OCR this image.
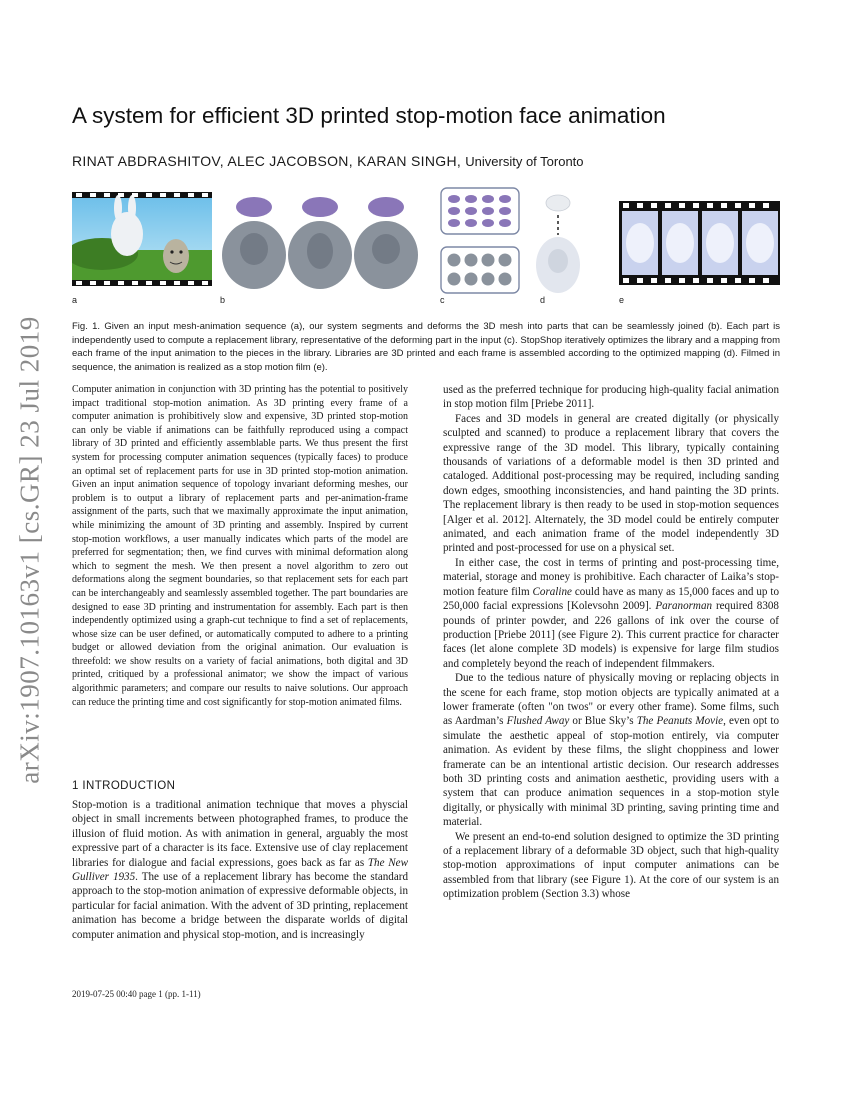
arXiv:1907.10163v1 [cs.GR] 23 Jul 2019
A system for efficient 3D printed stop-motion face animation
RINAT ABDRASHITOV, ALEC JACOBSON, KARAN SINGH, University of Toronto
a	b	c	d	e
Fig. 1. Given an input mesh-animation sequence (a), our system segments and deforms the 3D mesh into parts that can be seamlessly joined (b). Each part is independently used to compute a replacement library, representative of the deforming part in the input (c). StopShop iteratively optimizes the library and a mapping from each frame of the input animation to the pieces in the library. Libraries are 3D printed and each frame is assembled according to the optimized mapping (d). Filmed in sequence, the animation is realized as a stop motion film (e).

Computer animation in conjunction with 3D printing has the potential to positively impact traditional stop-motion animation. As 3D printing every frame of a computer animation is prohibitively slow and expensive, 3D printed stop-motion can only be viable if animations can be faithfully reproduced using a compact library of 3D printed and efficiently assemblable parts. We thus present the first system for processing computer animation sequences (typically faces) to produce an optimal set of replacement parts for use in 3D printed stop-motion animation. Given an input animation sequence of topology invariant deforming meshes, our problem is to output a library of replacement parts and per-animation-frame assignment of the parts, such that we maximally approximate the input animation, while minimizing the amount of 3D printing and assembly. Inspired by current stop-motion workflows, a user manually indicates which parts of the model are preferred for segmentation; then, we find curves with minimal deformation along which to segment the mesh. We then present a novel algorithm to zero out deformations along the segment boundaries, so that replacement sets for each part can be interchangeably and seamlessly assembled together. The part boundaries are designed to ease 3D printing and instrumentation for assembly. Each part is then independently optimized using a graph-cut technique to find a set of replacements, whose size can be user defined, or automatically computed to adhere to a printing budget or allowed deviation from the original animation. Our evaluation is threefold: we show results on a variety of facial animations, both digital and 3D printed, critiqued by a professional animator; we show the impact of various algorithmic parameters; and compare our results to naive solutions. Our approach can reduce the printing time and cost significantly for stop-motion animated films.

1 INTRODUCTION

Stop-motion is a traditional animation technique that moves a physcial object in small increments between photographed frames, to produce the illusion of fluid motion. As with animation in general, arguably the most expressive part of a character is its face. Extensive use of clay replacement libraries for dialogue and facial expressions, goes back as far as The New Gulliver 1935. The use of a replacement library has become the standard approach to the stop-motion animation of expressive deformable objects, in particular for facial animation. With the advent of 3D printing, replacement animation has become a bridge between the disparate worlds of digital computer animation and physical stop-motion, and is increasingly

used as the preferred technique for producing high-quality facial animation in stop motion film [Priebe 2011].

Faces and 3D models in general are created digitally (or physically sculpted and scanned) to produce a replacement library that covers the expressive range of the 3D model. This library, typically containing thousands of variations of a deformable model is then 3D printed and cataloged. Additional post-processing may be required, including sanding down edges, smoothing inconsistencies, and hand painting the 3D prints. The replacement library is then ready to be used in stop-motion sequences [Alger et al. 2012]. Alternately, the 3D model could be entirely computer animated, and each animation frame of the model independently 3D printed and post-processed for use on a physical set.

In either case, the cost in terms of printing and post-processing time, material, storage and money is prohibitive. Each character of Laika’s stop-motion feature film Coraline could have as many as 15,000 faces and up to 250,000 facial expressions [Kolevsohn 2009]. Paranorman required 8308 pounds of printer powder, and 226 gallons of ink over the course of production [Priebe 2011] (see Figure 2). This current practice for character faces (let alone complete 3D models) is expensive for large film studios and completely beyond the reach of independent filmmakers.

Due to the tedious nature of physically moving or replacing objects in the scene for each frame, stop motion objects are typically animated at a lower framerate (often "on twos" or every other frame). Some films, such as Aardman’s Flushed Away or Blue Sky’s The Peanuts Movie, even opt to simulate the aesthetic appeal of stop-motion entirely, via computer animation. As evident by these films, the slight choppiness and lower framerate can be an intentional artistic decision. Our research addresses both 3D printing costs and animation aesthetic, providing users with a system that can produce animation sequences in a stop-motion style digitally, or physically with minimal 3D printing, saving printing time and material.

We present an end-to-end solution designed to optimize the 3D printing of a replacement library of a deformable 3D object, such that high-quality stop-motion approximations of input computer animations can be assembled from that library (see Figure 1). At the core of our system is an optimization problem (Section 3.3) whose

2019-07-25 00:40 page 1 (pp. 1-11)
